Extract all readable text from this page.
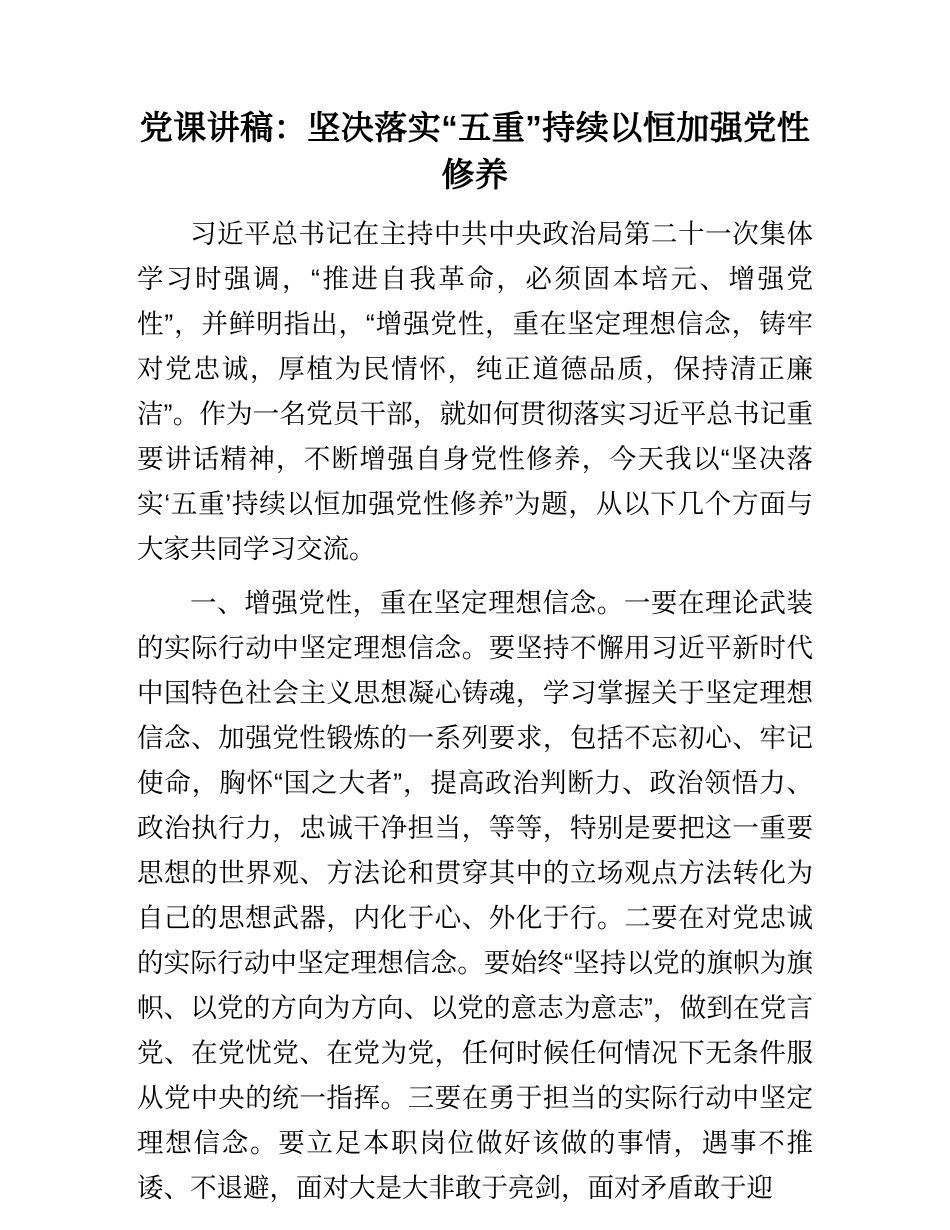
党课讲稿：坚决落实“五重”持续以恒加强党性修养

习近平总书记在主持中共中央政治局第二十一次集体学习时强调，“推进自我革命，必须固本培元、增强党性”，并鲜明指出，“增强党性，重在坚定理想信念，铸牢对党忠诚，厚植为民情怀，纯正道德品质，保持清正廉洁”。作为一名党员干部，就如何贯彻落实习近平总书记重要讲话精神，不断增强自身党性修养，今天我以“坚决落实‘五重’持续以恒加强党性修养”为题，从以下几个方面与大家共同学习交流。

一、增强党性，重在坚定理想信念。一要在理论武装的实际行动中坚定理想信念。要坚持不懈用习近平新时代中国特色社会主义思想凝心铸魂，学习掌握关于坚定理想信念、加强党性锻炼的一系列要求，包括不忘初心、牢记使命，胸怀“国之大者”，提高政治判断力、政治领悟力、政治执行力，忠诚干净担当，等等，特别是要把这一重要思想的世界观、方法论和贯穿其中的立场观点方法转化为自己的思想武器，内化于心、外化于行。二要在对党忠诚的实际行动中坚定理想信念。要始终“坚持以党的旗帜为旗帜、以党的方向为方向、以党的意志为意志”，做到在党言党、在党忧党、在党为党，任何时候任何情况下无条件服从党中央的统一指挥。三要在勇于担当的实际行动中坚定理想信念。要立足本职岗位做好该做的事情，遇事不推诿、不退避，面对大是大非敢于亮剑，面对矛盾敢于迎
